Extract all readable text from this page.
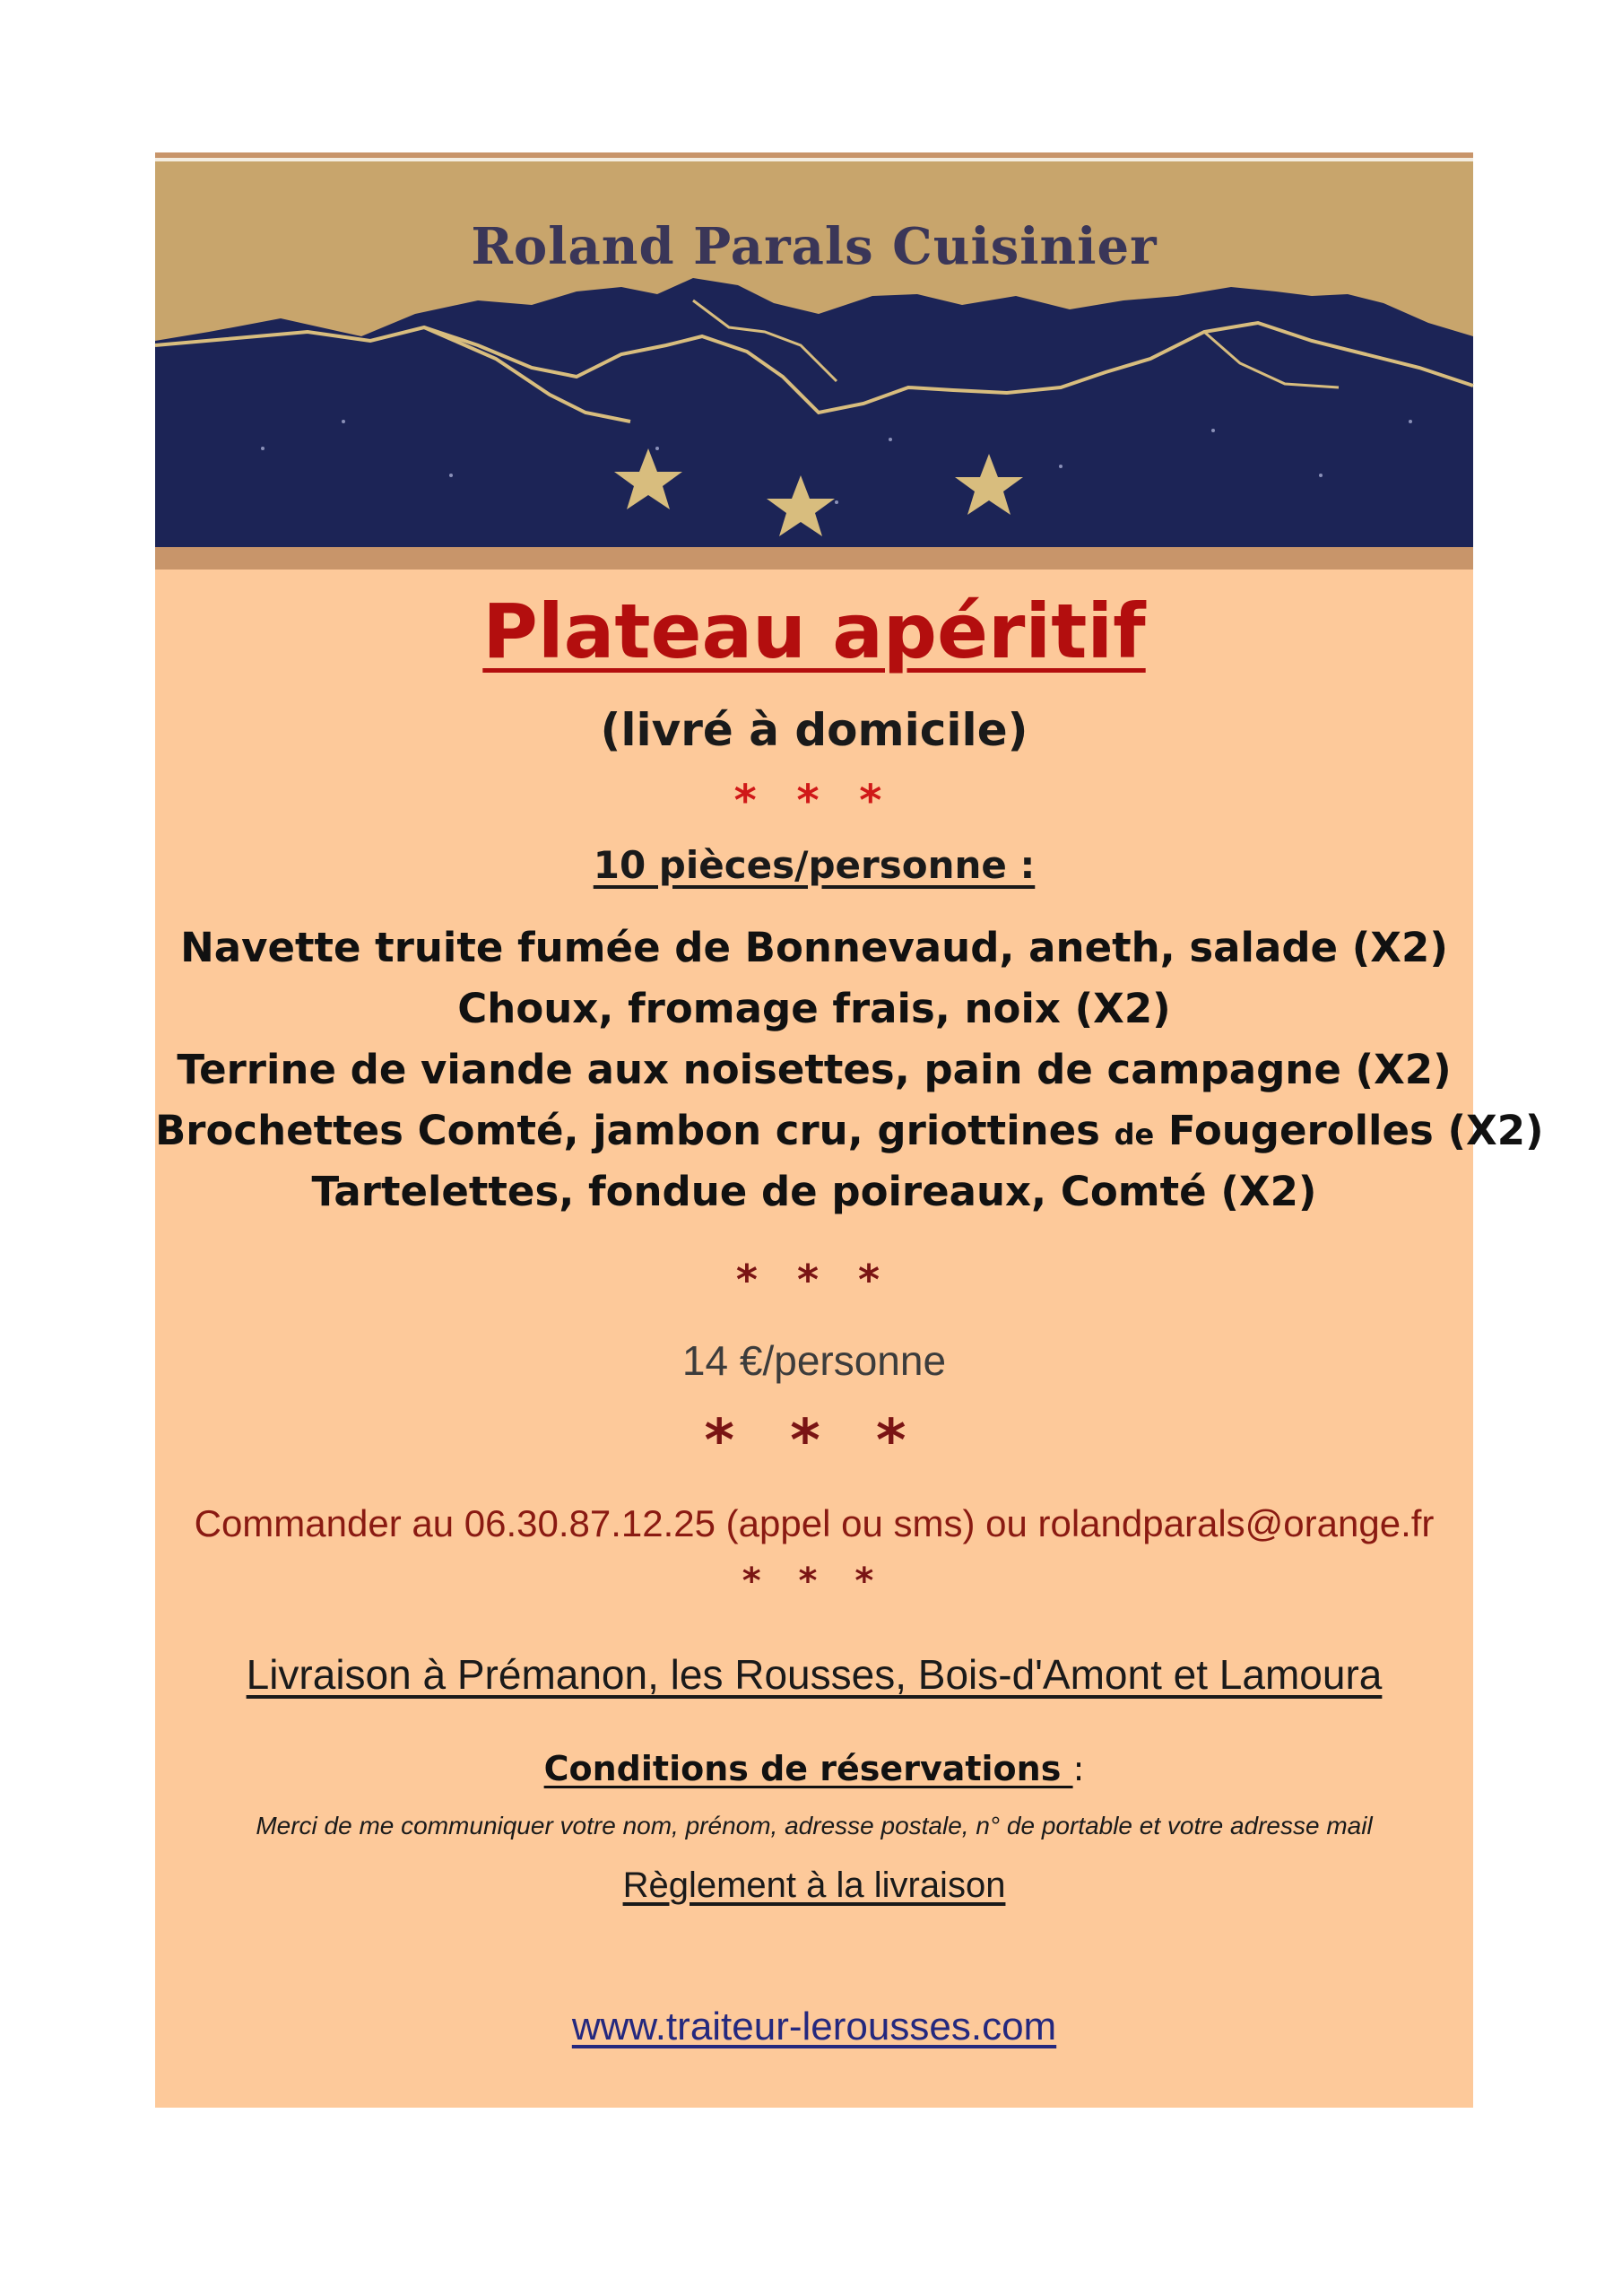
Roland Parals Cuisinier
Plateau apéritif
(livré à domicile)
* * *
10 pièces/personne :
Navette truite fumée de Bonnevaud, aneth, salade (X2)
Choux, fromage frais, noix (X2)
Terrine de viande aux noisettes, pain de campagne (X2)
Brochettes Comté, jambon cru, griottines de Fougerolles (X2)
Tartelettes, fondue de poireaux, Comté (X2)
* * *
14 €/personne
* * *
Commander au 06.30.87.12.25 (appel ou sms) ou rolandparals@orange.fr
* * *
Livraison à Prémanon, les Rousses, Bois-d'Amont et Lamoura
Conditions de réservations :
Merci de me communiquer votre nom, prénom, adresse postale, n° de portable et votre adresse mail
Règlement à la livraison
www.traiteur-lerousses.com
